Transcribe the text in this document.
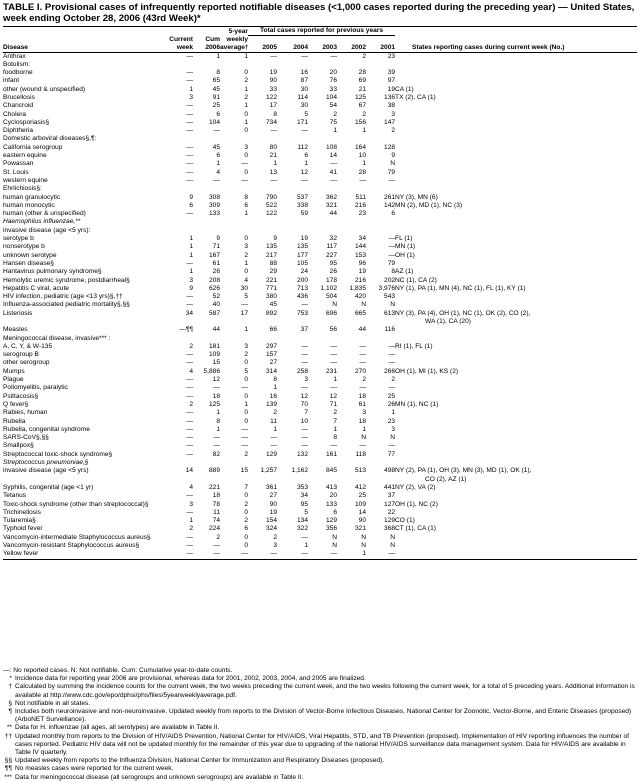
TABLE I. Provisional cases of infrequently reported notifiable diseases (<1,000 cases reported during the preceding year) — United States,
week ending October 28, 2006 (43rd Week)*
			5-year	Total cases reported for previous years					
	Current	Cum	weekly						
Disease	week	2006	average†	2005	2004	2003	2002	2001	States reporting cases during current week (No.)
Anthrax	—	1	1	—	—	—	2	23	
Botulism:									
foodborne	—	8	0	19	16	20	28	39	
infant	—	65	2	90	87	76	69	97	
other (wound & unspecified)	1	45	1	33	30	33	21	19	CA (1)
Brucellosis	3	91	2	122	114	104	125	136	TX (2), CA (1)
Chancroid	—	25	1	17	30	54	67	38	
Cholera	—	6	0	8	5	2	2	3	
Cyclosporiasis§	—	104	1	734	171	75	156	147	
Diphtheria	—	—	0	—	—	1	1	2	
Domestic arboviral diseases§,¶:									
California serogroup	—	45	3	80	112	108	164	128	
eastern equine	—	6	0	21	6	14	10	9	
Powassan	—	1	—	1	1	—	1	N	
St. Louis	—	4	0	13	12	41	28	79	
western equine	—	—	—	—	—	—	—	—	
Ehrlichiosis§:									
human granulocytic	9	308	8	790	537	362	511	261	NY (3), MN (6)
human monocytic	6	309	6	522	338	321	216	142	MN (2), MD (1), NC (3)
human (other & unspecified)	—	133	1	122	59	44	23	6	
Haemophilus influenzae,**									
invasive disease (age <5 yrs):									
serotype b	1	9	0	9	19	32	34	—	FL (1)
nonserotype b	1	71	3	135	135	117	144	—	MN (1)
unknown serotype	1	167	2	217	177	227	153	—	OH (1)
Hansen disease§	—	61	1	88	105	95	96	79	
Hantavirus pulmonary syndrome§	1	26	0	29	24	26	19	8	AZ (1)
Hemolytic uremic syndrome, postdiarrheal§	3	208	4	221	200	178	216	202	NC (1), CA (2)
Hepatitis C viral, acute	9	626	30	771	713	1,102	1,835	3,976	NY (1), PA (1), MN (4), NC (1), FL (1), KY (1)
HIV infection, pediatric (age <13 yrs)§,††	—	52	5	380	436	504	420	543	
Influenza-associated pediatric mortality§,§§	—	40	—	45	—	N	N	N	
Listeriosis	34	587	17	892	753	696	665	613	NY (3), PA (4), OH (1), NC (1), OK (2), CO (2),
									WA (1), CA (20)
Measles	—¶¶	44	1	66	37	56	44	116	
Meningococcal disease, invasive*** :									
A, C, Y, & W-135	2	181	3	297	—	—	—	—	RI (1), FL (1)
serogroup B	—	109	2	157	—	—	—	—	
other serogroup	—	15	0	27	—	—	—	—	
Mumps	4	5,886	5	314	258	231	270	266	OH (1), MI (1), KS (2)
Plague	—	12	0	8	3	1	2	2	
Poliomyelitis, paralytic	—	—	—	1	—	—	—	—	
Psittacosis§	—	18	0	16	12	12	18	25	
Q fever§	2	125	1	139	70	71	61	26	MN (1), NC (1)
Rabies, human	—	1	0	2	7	2	3	1	
Rubella	—	8	0	11	10	7	18	23	
Rubella, congenital syndrome	—	1	—	1	—	1	1	3	
SARS-CoV§,§§	—	—	—	—	—	8	N	N	
Smallpox§	—	—	—	—	—	—	—	—	
Streptococcal toxic-shock syndrome§	—	82	2	129	132	161	118	77	
Streptococcus pneumoniae,§									
invasive disease (age <5 yrs)	14	889	15	1,257	1,162	845	513	498	NY (2), PA (1), OH (3), MN (3), MD (1), OK (1),
									CO (2), AZ (1)
Syphilis, congenital (age <1 yr)	4	221	7	361	353	413	412	441	NY (2), VA (2)
Tetanus	—	18	0	27	34	20	25	37	
Toxic-shock syndrome (other than streptococcal)§	3	78	2	90	95	133	109	127	OH (1), NC (2)
Trichinellosis	—	11	0	19	5	6	14	22	
Tularemia§	1	74	2	154	134	129	90	129	CO (1)
Typhoid fever	2	224	6	324	322	356	321	368	CT (1), CA (1)
Vancomycin-intermediate Staphylococcus aureus§	—	2	0	2	—	N	N	N	
Vancomycin-resistant Staphylococcus aureus§	—	—	0	3	1	N	N	N	
Yellow fever	—	—	—	—	—	—	1	—	

—: No reported cases. N: Not notifiable. Cum: Cumulative year-to-date counts.

* Incidence data for reporting year 2006 are provisional, whereas data for 2001, 2002, 2003, 2004, and 2005 are finalized.

† Calculated by summing the incidence counts for the current week, the two weeks preceding the current week, and the two weeks following the current week, for a total of 5 preceding years. Additional information is available at http://www.cdc.gov/epo/dphsi/phs/files/5yearweeklyaverage.pdf.

§ Not notifiable in all states.

¶ Includes both neuroinvasive and non-neuroinvasive. Updated weekly from reports to the Division of Vector-Borne Infectious Diseases, National Center for Zoonotic, Vector-Borne, and Enteric Diseases (proposed) (ArboNET Surveillance).

** Data for H. influenzae (all ages, all serotypes) are available in Table II.

†† Updated monthly from reports to the Division of HIV/AIDS Prevention, National Center for HIV/AIDS, Viral Hepatitis, STD, and TB Prevention (proposed). Implementation of HIV reporting influences the number of cases reported. Pediatric HIV data will not be updated monthly for the remainder of this year due to upgrading of the national HIV/AIDS surveillance data management system. Data for HIV/AIDS are available in Table IV quarterly.

§§ Updated weekly from reports to the Influenza Division, National Center for Immunization and Respiratory Diseases (proposed).

¶¶ No measles cases were reported for the current week.

*** Data for meningococcal disease (all serogroups and unknown serogroups) are available in Table II.
